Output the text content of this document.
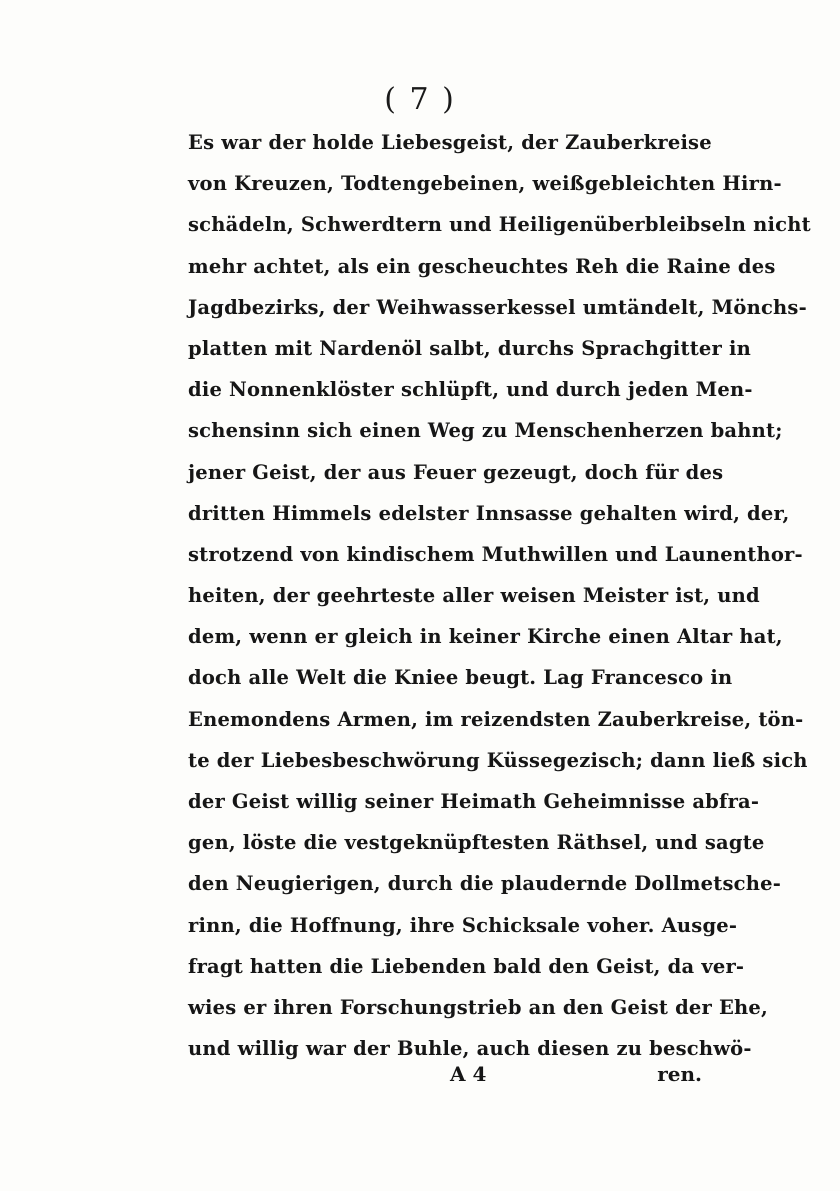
( 7 )
Es war der holde Liebesgeist, der Zauberkreise
von Kreuzen, Todtengebeinen, weißgebleichten Hirn-
schädeln, Schwerdtern und Heiligenüberbleibseln nicht
mehr achtet, als ein gescheuchtes Reh die Raine des
Jagdbezirks, der Weihwasserkessel umtändelt, Mönchs-
platten mit Nardenöl salbt, durchs Sprachgitter in
die Nonnenklöster schlüpft, und durch jeden Men-
schensinn sich einen Weg zu Menschenherzen bahnt;
jener Geist, der aus Feuer gezeugt, doch für des
dritten Himmels edelster Innsasse gehalten wird, der,
strotzend von kindischem Muthwillen und Launenthor-
heiten, der geehrteste aller weisen Meister ist, und
dem, wenn er gleich in keiner Kirche einen Altar hat,
doch alle Welt die Kniee beugt. Lag Francesco in
Enemondens Armen, im reizendsten Zauberkreise, tön-
te der Liebesbeschwörung Küssegezisch; dann ließ sich
der Geist willig seiner Heimath Geheimnisse abfra-
gen, löste die vestgeknüpftesten Räthsel, und sagte
den Neugierigen, durch die plaudernde Dollmetsche-
rinn, die Hoffnung, ihre Schicksale voher. Ausge-
fragt hatten die Liebenden bald den Geist, da ver-
wies er ihren Forschungstrieb an den Geist der Ehe,
und willig war der Buhle, auch diesen zu beschwö-
A 4	ren.
